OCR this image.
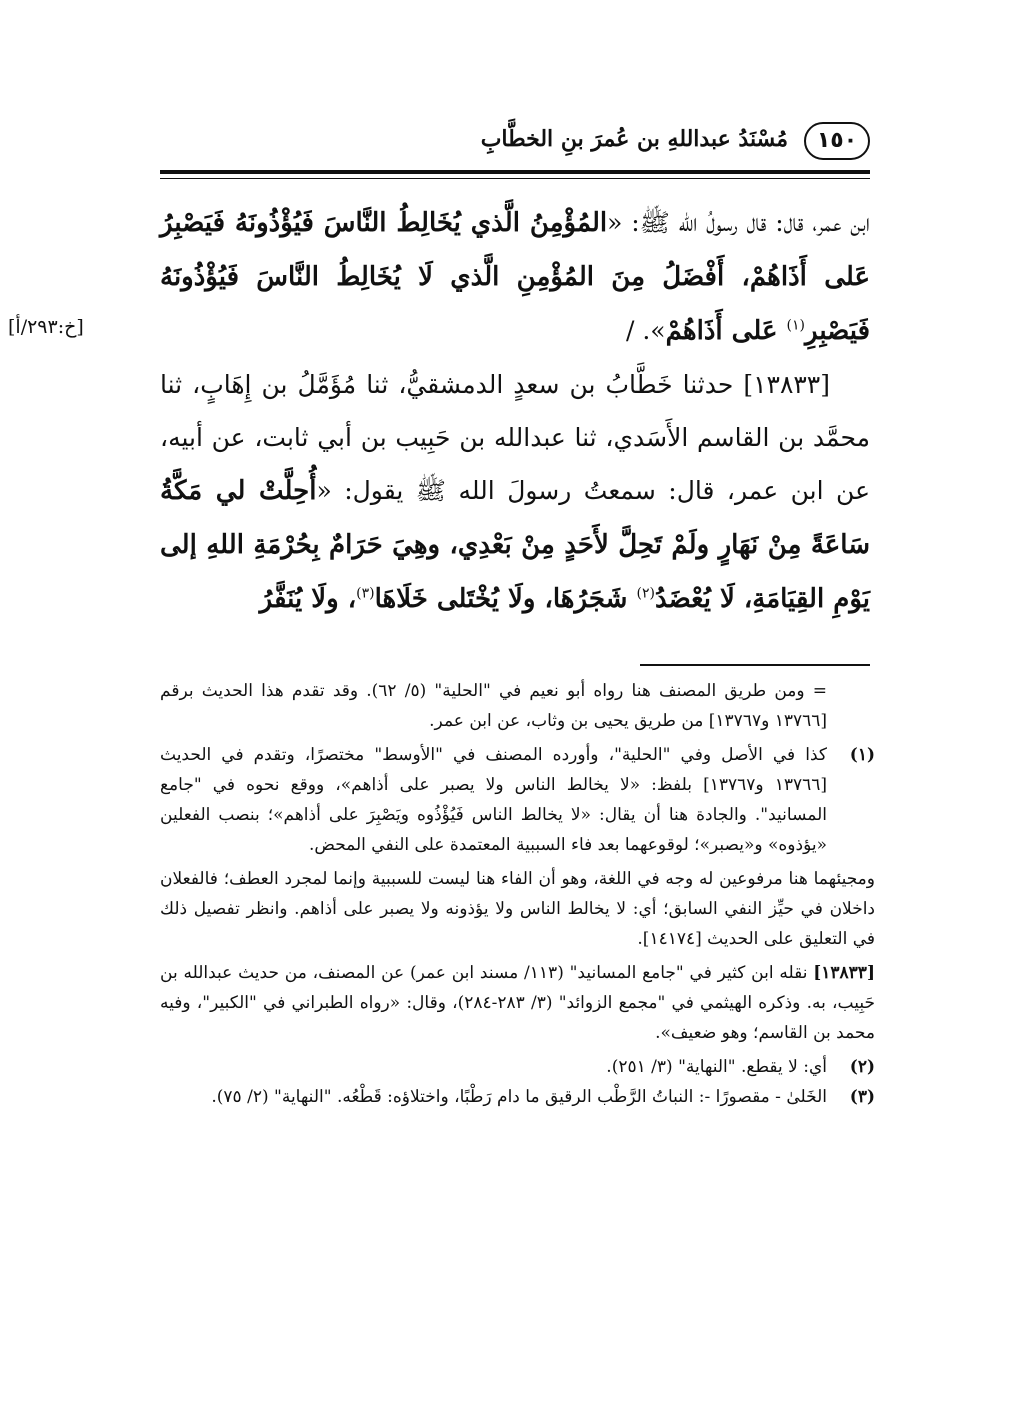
١٥٠
مُسْنَدُ عبداللهِ بن عُمرَ بنِ الخطَّابِ
[خ:٢٩٣/أ]

ابن عمر، قال: قال رسولُ الله ﷺ: «المُؤْمِنُ الَّذي يُخَالِطُ النَّاسَ فَيُؤْذُونَهُ فَيَصْبِرُ عَلى أَذَاهُمْ، أَفْضَلُ مِنَ المُؤْمِنِ الَّذي لَا يُخَالِطُ النَّاسَ فَيُؤْذُونَهُ فَيَصْبِرِ$^{(١)}$ عَلى أَذَاهُمْ». /

[١٣٨٣٣] حدثنا خَطَّابُ بن سعدٍ الدمشقيُّ، ثنا مُؤَمَّلُ بن إِهَابٍ، ثنا محمَّد بن القاسم الأَسَدي، ثنا عبدالله بن حَبِيب بن أبي ثابت، عن أبيه، عن ابن عمر، قال: سمعتُ رسولَ الله ﷺ يقول: «أُحِلَّتْ لي مَكَّةُ سَاعَةً مِنْ نَهَارٍ ولَمْ تَحِلَّ لأَحَدٍ مِنْ بَعْدِي، وهِيَ حَرَامٌ بِحُرْمَةِ اللهِ إلى يَوْمِ القِيَامَةِ، لَا يُعْضَدُ$^{(٢)}$ شَجَرُهَا، ولَا يُخْتَلى خَلَاهَا$^{(٣)}$، ولَا يُنَفَّرُ

= ومن طريق المصنف هنا رواه أبو نعيم في "الحلية" (٥/ ٦٢). وقد تقدم هذا الحديث برقم [١٣٧٦٦ و١٣٧٦٧] من طريق يحيى بن وثاب، عن ابن عمر.

(١)

كذا في الأصل وفي "الحلية"، وأورده المصنف في "الأوسط" مختصرًا، وتقدم في الحديث [١٣٧٦٦ و١٣٧٦٧] بلفظ: «لا يخالط الناس ولا يصبر على أذاهم»، ووقع نحوه في "جامع المسانيد". والجادة هنا أن يقال: «لا يخالط الناس فَيُؤْذُوه ويَصْبِرَ على أذاهم»؛ بنصب الفعلين «يؤذوه» و«يصبر»؛ لوقوعهما بعد فاء السببية المعتمدة على النفي المحض.

ومجيئهما هنا مرفوعين له وجه في اللغة، وهو أن الفاء هنا ليست للسببية وإنما لمجرد العطف؛ فالفعلان داخلان في حيِّز النفي السابق؛ أي: لا يخالط الناس ولا يؤذونه ولا يصبر على أذاهم. وانظر تفصيل ذلك في التعليق على الحديث [١٤١٧٤].

[١٣٨٣٣] نقله ابن كثير في "جامع المسانيد" (١١٣/ مسند ابن عمر) عن المصنف، من حديث عبدالله بن حَبِيب، به. وذكره الهيثمي في "مجمع الزوائد" (٣/ ٢٨٣-٢٨٤)، وقال: «رواه الطبراني في "الكبير"، وفيه محمد بن القاسم؛ وهو ضعيف».

(٢)
أي: لا يقطع. "النهاية" (٣/ ٢٥١).
(٣)
الخَلىٰ - مقصورًا -: النباتُ الرَّطْب الرقيق ما دام رَطْبًا، واختلاؤه: قَطْعُه. "النهاية" (٢/ ٧٥).
